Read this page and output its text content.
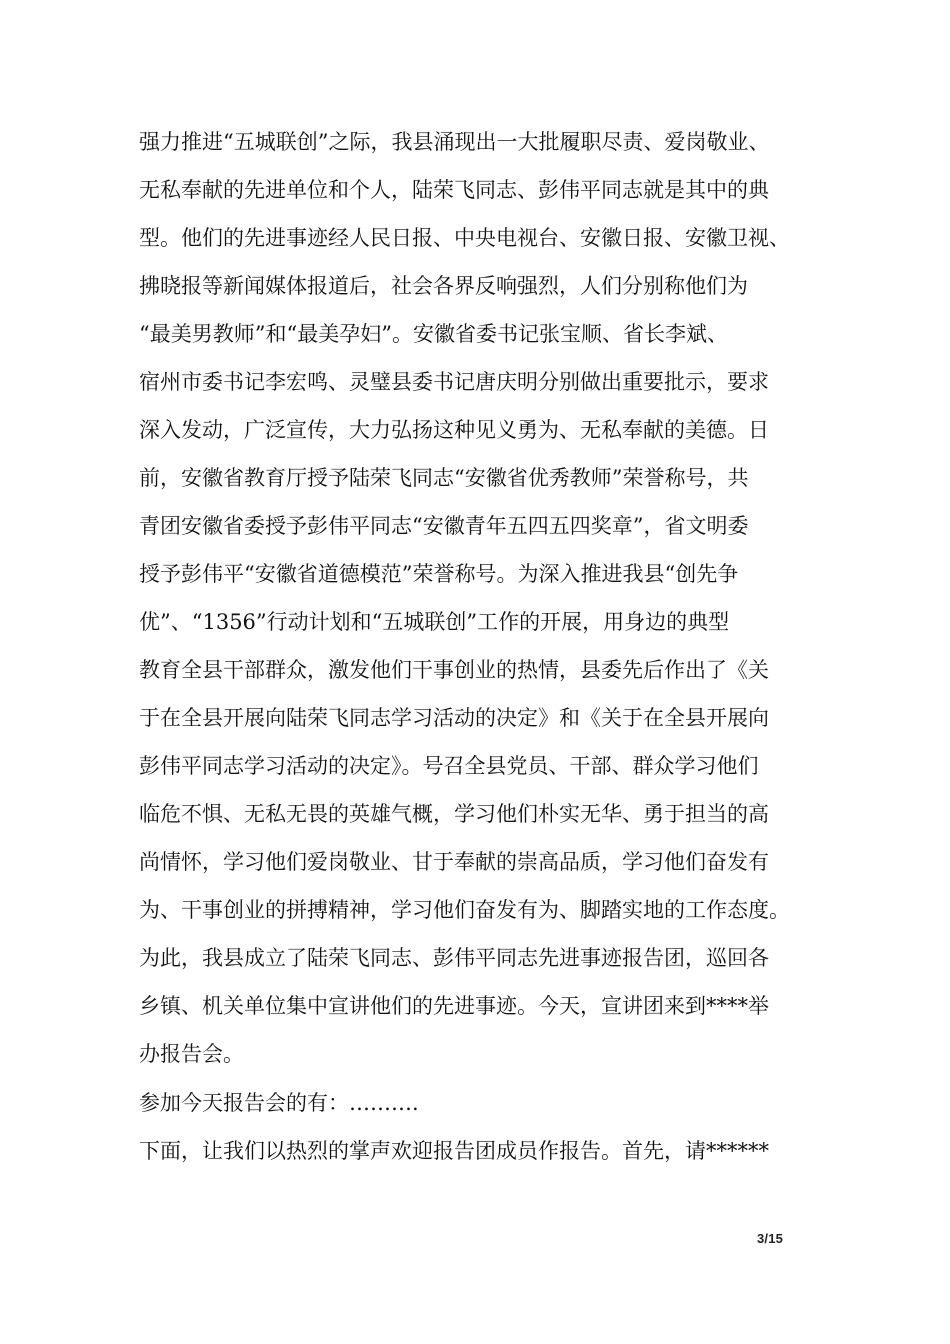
强力推进“五城联创”之际，我县涌现出一大批履职尽责、爱岗敬业、
无私奉献的先进单位和个人，陆荣飞同志、彭伟平同志就是其中的典
型。他们的先进事迹经人民日报、中央电视台、安徽日报、安徽卫视、
拂晓报等新闻媒体报道后，社会各界反响强烈，人们分别称他们为
“最美男教师”和“最美孕妇”。安徽省委书记张宝顺、省长李斌、
宿州市委书记李宏鸣、灵璧县委书记唐庆明分别做出重要批示，要求
深入发动，广泛宣传，大力弘扬这种见义勇为、无私奉献的美德。日
前，安徽省教育厅授予陆荣飞同志“安徽省优秀教师”荣誉称号，共
青团安徽省委授予彭伟平同志“安徽青年五四五四奖章”，省文明委
授予彭伟平“安徽省道德模范”荣誉称号。为深入推进我县“创先争
优”、“1356”行动计划和“五城联创”工作的开展，用身边的典型
教育全县干部群众，激发他们干事创业的热情，县委先后作出了《关
于在全县开展向陆荣飞同志学习活动的决定》和《关于在全县开展向
彭伟平同志学习活动的决定》。号召全县党员、干部、群众学习他们
临危不惧、无私无畏的英雄气概，学习他们朴实无华、勇于担当的高
尚情怀，学习他们爱岗敬业、甘于奉献的崇高品质，学习他们奋发有
为、干事创业的拼搏精神，学习他们奋发有为、脚踏实地的工作态度。
为此，我县成立了陆荣飞同志、彭伟平同志先进事迹报告团，巡回各
乡镇、机关单位集中宣讲他们的先进事迹。今天，宣讲团来到****举
办报告会。
参加今天报告会的有：……….
下面，让我们以热烈的掌声欢迎报告团成员作报告。首先，请******
3/15
